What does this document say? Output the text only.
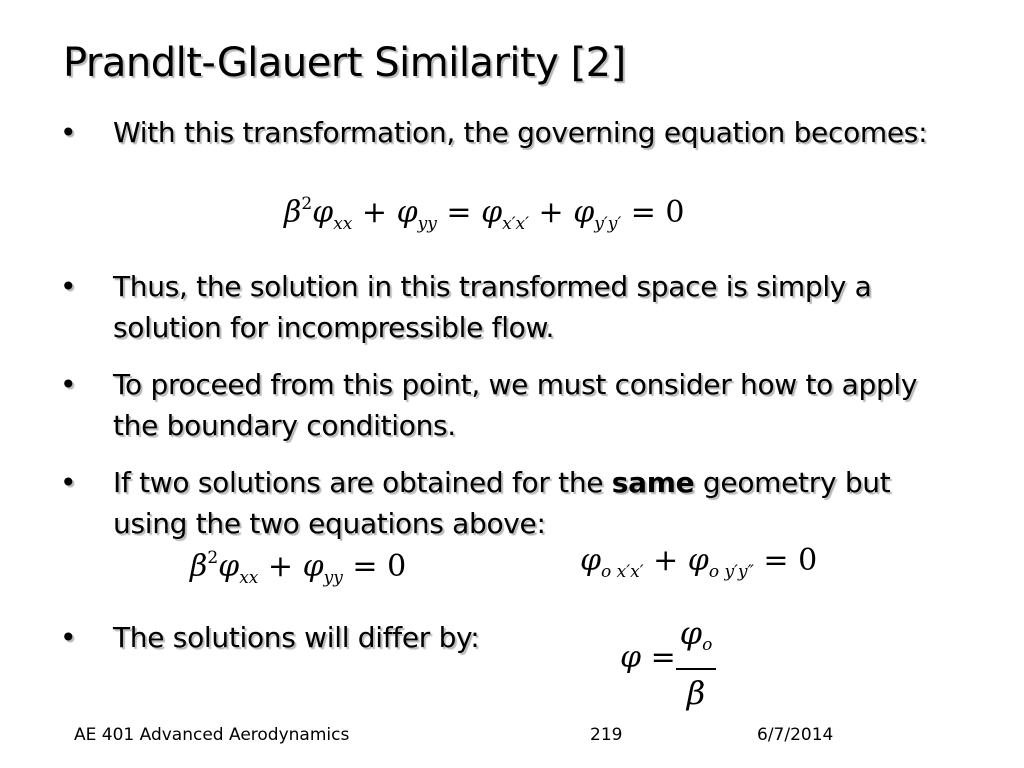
Prandlt-Glauert Similarity [2]
• With this transformation, the governing equation becomes:
$\beta^2\varphi_{xx} + \varphi_{yy} = \varphi_{x'x'} + \varphi_{y'y'} = 0$
• Thus, the solution in this transformed space is simply a solution for incompressible flow.
• To proceed from this point, we must consider how to apply the boundary conditions.
• If two solutions are obtained for the same geometry but using the two equations above:
$\beta^2\varphi_{xx} + \varphi_{yy} = 0$	$\varphi_{o x'x'} + \varphi_{o y'y''} = 0$
• The solutions will differ by:
φ =
$\varphi_o$
β
AE 401 Advanced Aerodynamics	219	6/7/2014
